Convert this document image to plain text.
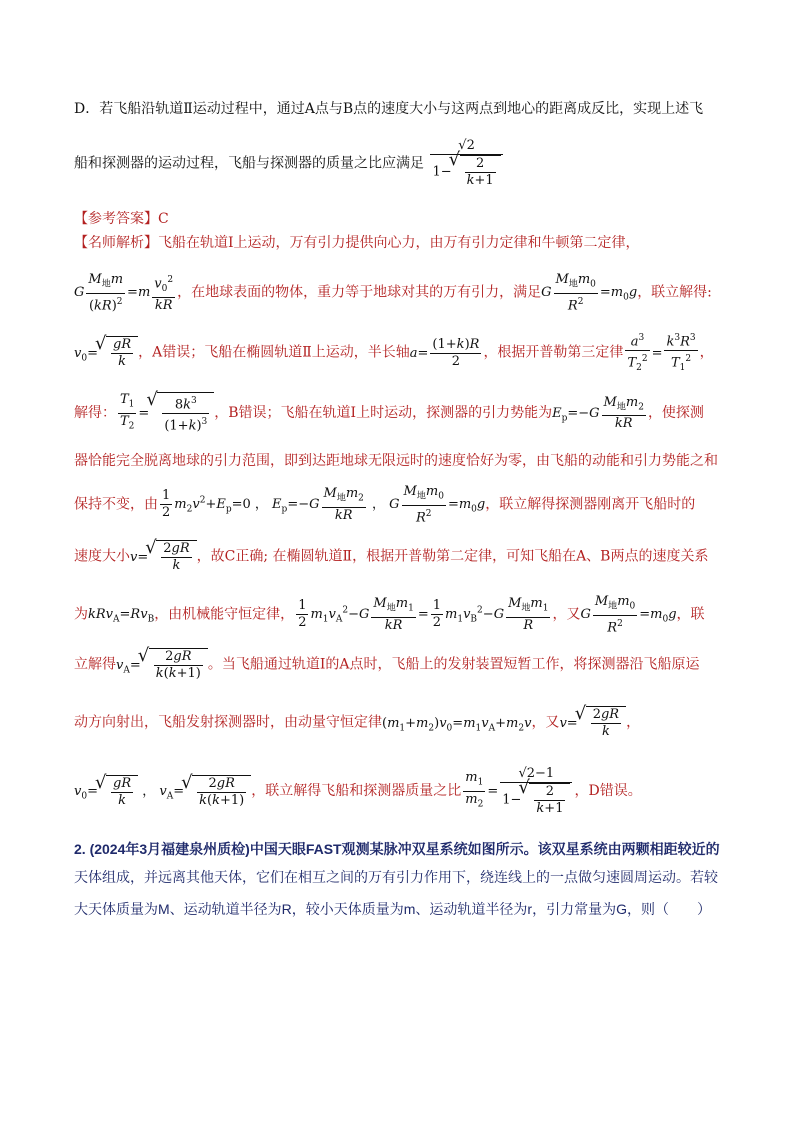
D．若飞船沿轨道Ⅱ运动过程中，通过A点与B点的速度大小与这两点到地心的距离成反比，实现上述飞
船和探测器的运动过程，飞船与探测器的质量之比应满足 √2
1−
√ $\frac{2}{k+1}$
【参考答案】C
【名师解析】飞船在轨道Ⅰ上运动，万有引力提供向心力，由万有引力定律和牛顿第二定律，
G $\frac{M_地m}{(kR)^2} =m \frac{v_0^2}{kR}$ ，在地球表面的物体，重力等于地球对其的万有引力，满足G $\frac{M_地m_0}{R^2} =m_0g$，联立解得:
$v_0=$
√ $\frac{gR}{k}$ ，A错误；飞船在椭圆轨道Ⅱ上运动，半长轴$a= \frac{(1+k)R}{2}$ ，根据开普勒第三定律 $\frac{a^3}{T_2^2} = \frac{k^3R^3}{T_1^2}$ ，
解得： $\frac{T_1}{T_2}$ =
√ $\frac{8k^3}{(1+k)^3}$ ，B错误；飞船在轨道Ⅰ上时运动，探测器的引力势能为$E_p=-G \frac{M_地m_2}{kR}$ ，使探测
器恰能完全脱离地球的引力范围，即到达距地球无限远时的速度恰好为零，由飞船的动能和引力势能之和
保持不变，由 $\frac{1}{2} m_2v^2+E_p=0$ ， $E_p=-G \frac{M_地m_2}{kR}$ ， G $\frac{M_地m_0}{R^2} =m_0g$，联立解得探测器刚离开飞船时的
速度大小v=
√ $\frac{2gR}{k}$ ，故C正确; 在椭圆轨道Ⅱ，根据开普勒第二定律，可知飞船在A、B两点的速度关系
为$kRv_A=Rv_B$，由机械能守恒定律， $\frac{1}{2} m_1v_A^2-G \frac{M_地m_1}{kR} = \frac{1}{2} m_1v_B^2-G \frac{M_地m_1}{R}$ ，又G $\frac{M_地m_0}{R^2} =m_0g$，联
立解得$v_A=$
√ $\frac{2gR}{k(k+1)}$ 。当飞船通过轨道Ⅰ的A点时，飞船上的发射装置短暂工作，将探测器沿飞船原运
动方向射出，飞船发射探测器时，由动量守恒定律$(m_1+m_2)v_0=m_1v_A+m_2v$，又v=
√ $\frac{2gR}{k}$ ，
$v_0=$
√ $\frac{gR}{k}$ ， $v_A=$
√ $\frac{2gR}{k(k+1)}$ ，联立解得飞船和探测器质量之比 $\frac{m_1}{m_2} = √2-1$
1−
√ $\frac{2}{k+1}$ ，D错误。
2. (2024年3月福建泉州质检)中国天眼FAST观测某脉冲双星系统如图所示。该双星系统由两颗相距较近的
天体组成，并远离其他天体，它们在相互之间的万有引力作用下，绕连线上的一点做匀速圆周运动。若较
大天体质量为M、运动轨道半径为R，较小天体质量为m、运动轨道半径为r，引力常量为G，则（　　）
